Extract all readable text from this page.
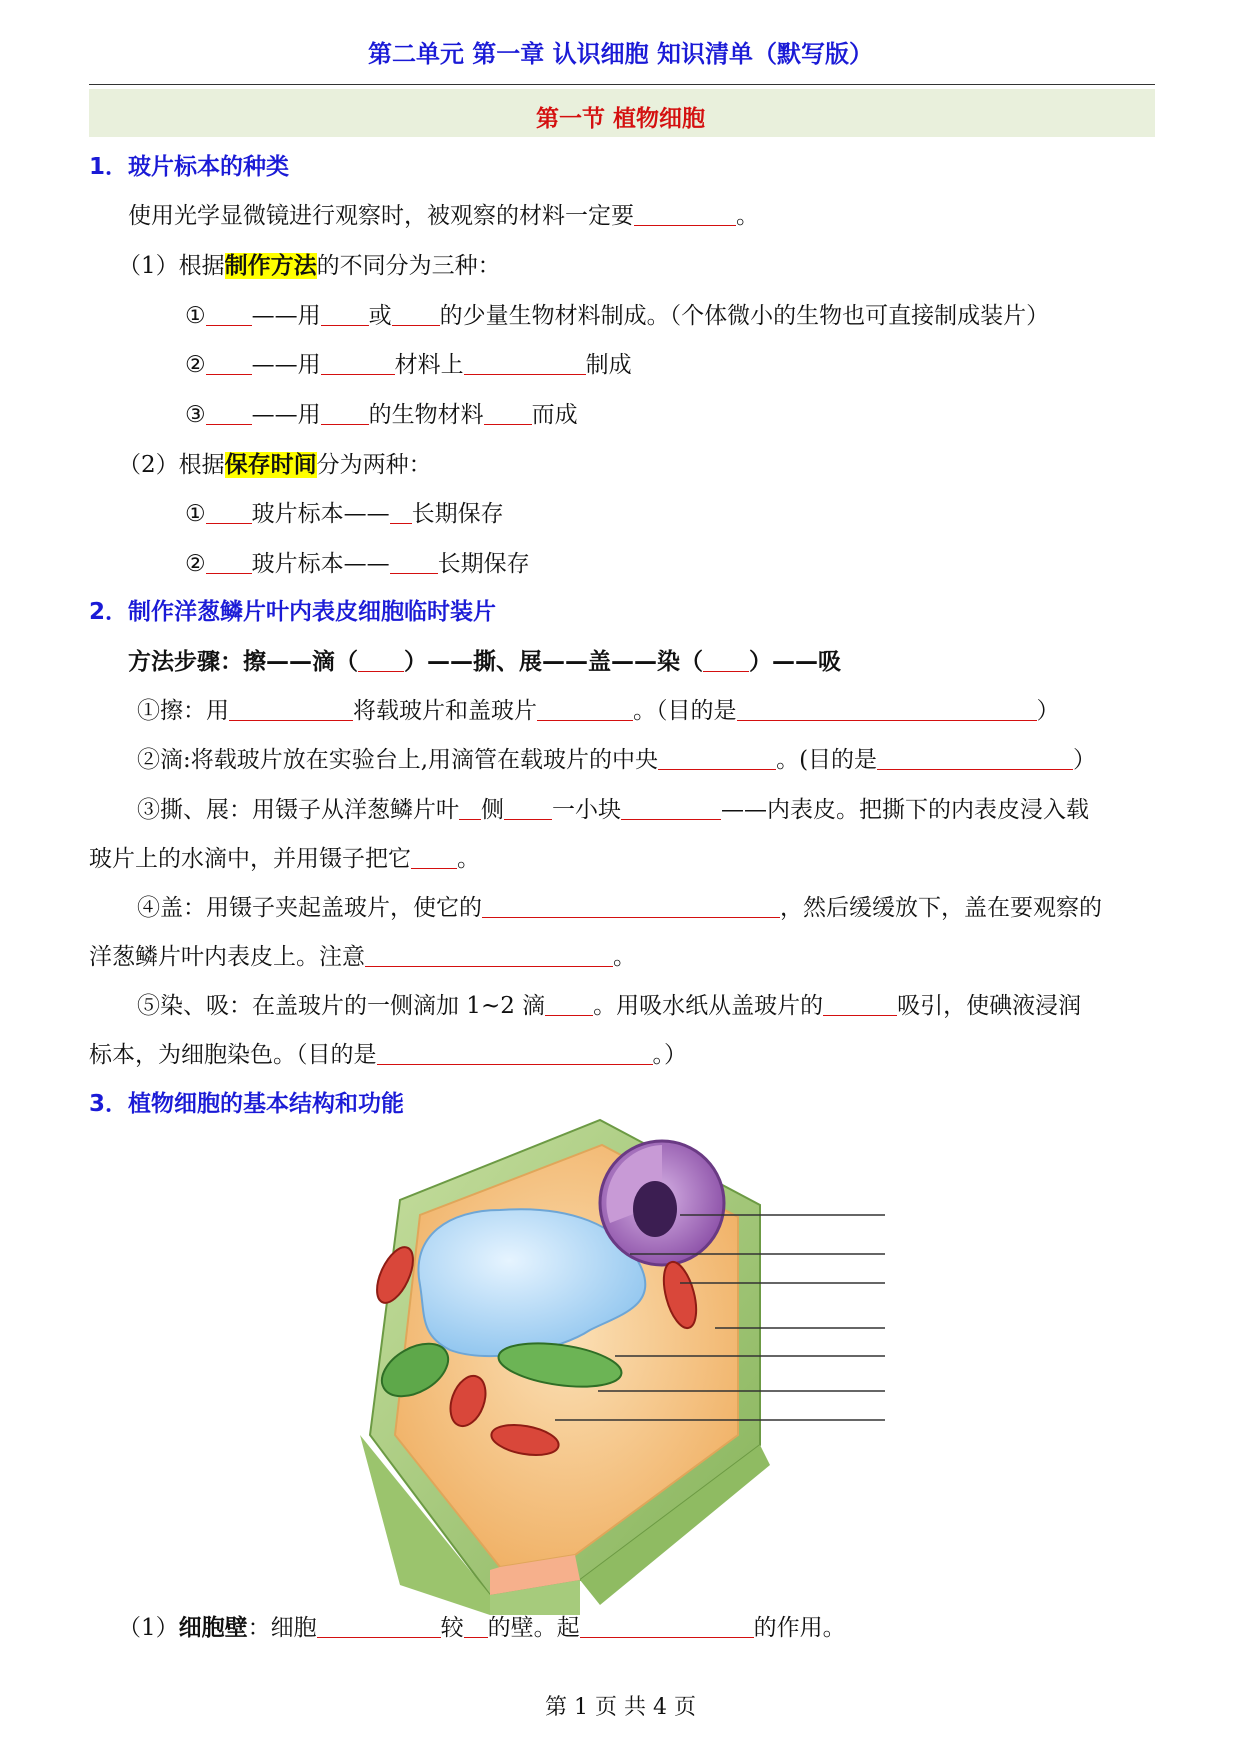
第二单元 第一章 认识细胞 知识清单（默写版）
第一节 植物细胞
1．玻片标本的种类
使用光学显微镜进行观察时，被观察的材料一定要	。
（1）根据制作方法的不同分为三种：
① ——用 或 的少量生物材料制成。（个体微小的生物也可直接制成装片）
② ——用	材料上	制成
③ ——用 的生物材料 而成
（2）根据保存时间分为两种：
① 玻片标本—— 长期保存
② 玻片标本—— 长期保存
2．制作洋葱鳞片叶内表皮细胞临时装片
方法步骤：擦——滴（ ）——撕、展——盖——染（ ）——吸
①擦：用	将载玻片和盖玻片	。（目的是	）
②滴:将载玻片放在实验台上,用滴管在载玻片的中央	。(目的是	）
③撕、展：用镊子从洋葱鳞片叶 侧 一小块	——内表皮。把撕下的内表皮浸入载
玻片上的水滴中，并用镊子把它 。
④盖：用镊子夹起盖玻片，使它的	，然后缓缓放下，盖在要观察的
洋葱鳞片叶内表皮上。注意	。
⑤染、吸：在盖玻片的一侧滴加 1~2 滴 。用吸水纸从盖玻片的	吸引，使碘液浸润
标本，为细胞染色。（目的是	。）
3．植物细胞的基本结构和功能
（1）细胞壁：细胞	较 的壁。起	的作用。
第 1 页 共 4 页
